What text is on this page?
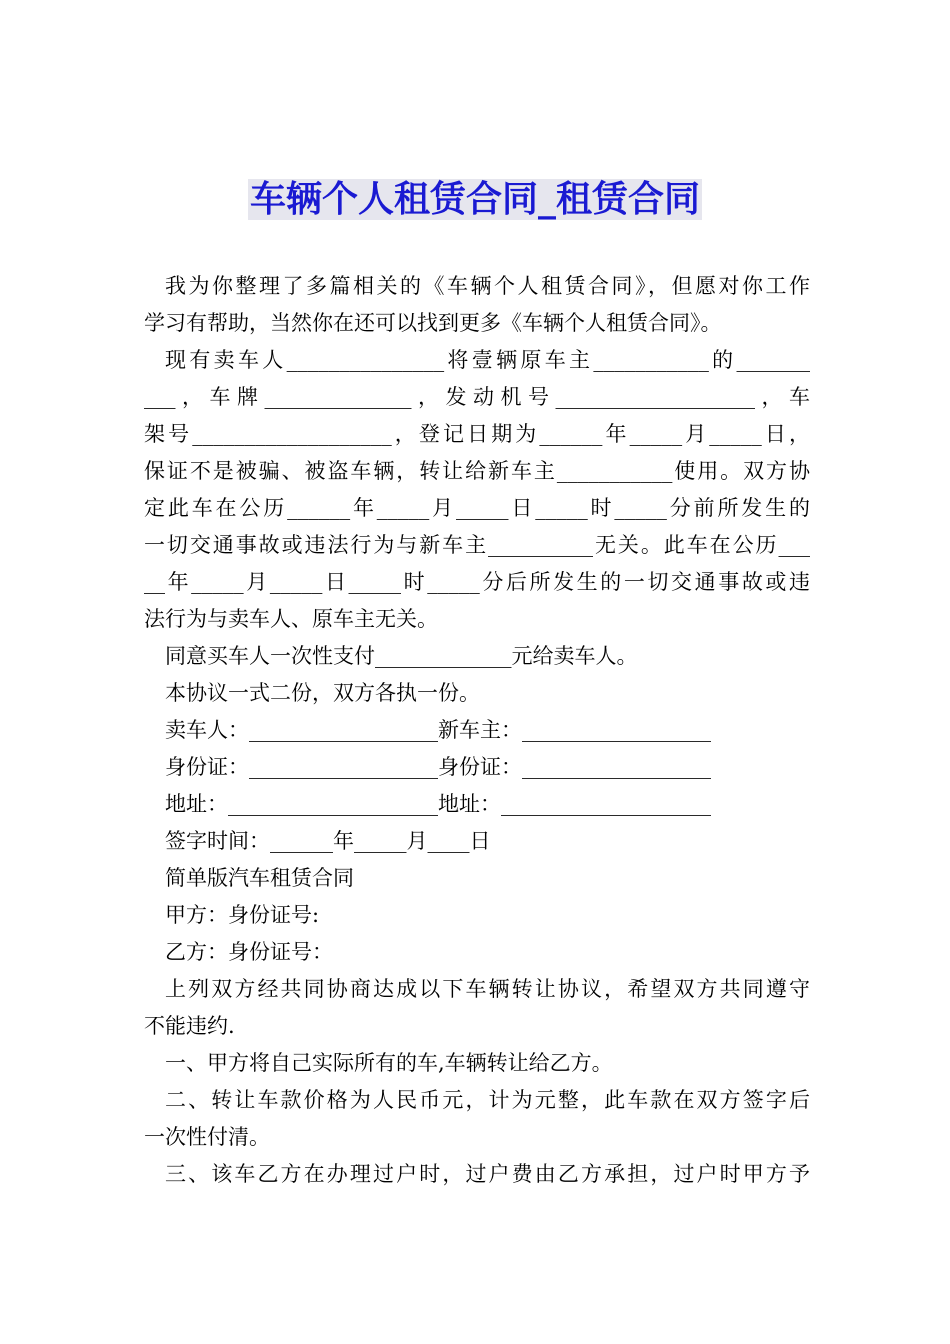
车辆个人租赁合同_租赁合同
我为你整理了多篇相关的《车辆个人租赁合同》，但愿对你工作
学习有帮助，当然你在还可以找到更多《车辆个人租赁合同》。
现有卖车人_______________将壹辆原车主___________的_______
___，车牌______________，发动机号___________________，车
架号___________________，登记日期为______年_____月_____日，
保证不是被骗、被盗车辆，转让给新车主___________使用。双方协
定此车在公历______年_____月_____日_____时_____分前所发生的
一切交通事故或违法行为与新车主__________无关。此车在公历___
__年_____月_____日_____时_____分后所发生的一切交通事故或违
法行为与卖车人、原车主无关。
同意买车人一次性支付_____________元给卖车人。
本协议一式二份，双方各执一份。
卖车人：__________________新车主：__________________
身份证：__________________身份证：__________________
地址：____________________地址：____________________
签字时间：______年_____月____日
简单版汽车租赁合同
甲方：身份证号:
乙方：身份证号：
上列双方经共同协商达成以下车辆转让协议，希望双方共同遵守
不能违约.
一、甲方将自己实际所有的车,车辆转让给乙方。
二、转让车款价格为人民币元，计为元整，此车款在双方签字后
一次性付清。
三、该车乙方在办理过户时，过户费由乙方承担，过户时甲方予
